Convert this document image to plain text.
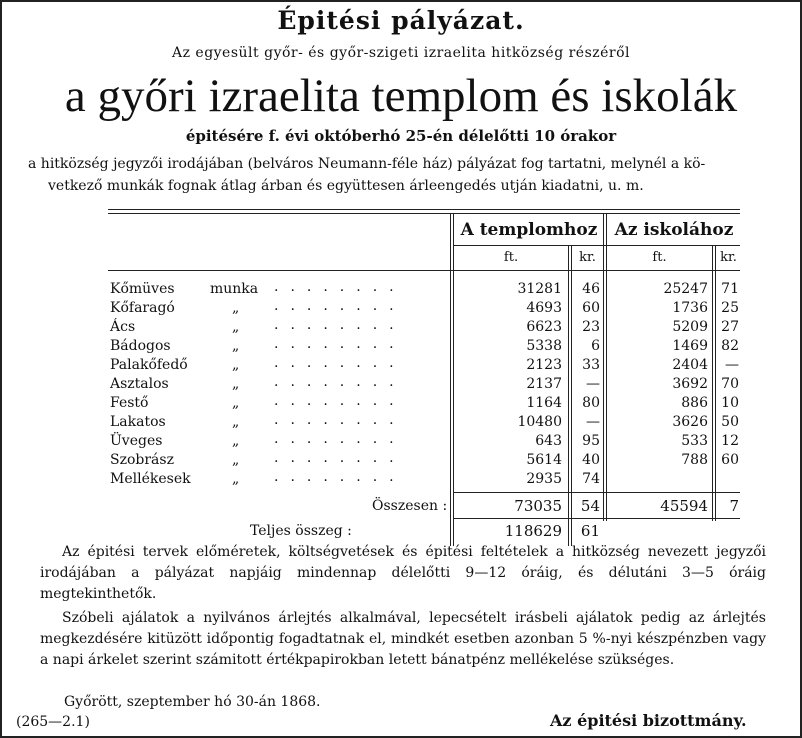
Épitési pályázat.
Az egyesült győr- és győr-szigeti izraelita hitközség részéről
a győri izraelita templom és iskolák
épitésére f. évi októberhó 25-én délelőtti 10 órakor

a hitközség jegyzői irodájában (belváros Neumann-féle ház) pályázat fog tartatni, melynél a kö-

vetkező munkák fognak átlag árban és együttesen árleengedés utján kiadatni, u. m.

A templomhoz	Az iskolához
ft.	kr.	ft.	kr.
Kőmüves	munka ........	31281	46	25247 71
Kőfaragó	„ ........	4693	60	1736 25
Ács	„ ........	6623	23	5209 27
Bádogos	„ ........	5338	6	1469 82
Palakőfedő	„ ........	2123	33	2404	—
Asztalos	„ ........	2137	—	3692 70
Festő	„ ........	1164	80	886 10
Lakatos	„ ........	10480	—	3626 50
Üveges	„ ........	643	95	533 12
Szobrász	„ ........	5614	40	788 60
Mellékesek	„ ........	2935	74
Összesen :	73035	54	45594	7
Teljes összeg :	118629	61

Az épitési tervek előméretek, költségvetések és épitési feltételek a hitközség nevezett jegyzői irodájában a pályázat napjáig mindennap délelőtti 9—12 óráig, és délutáni 3—5 óráig megtekinthetők.

Szóbeli ajálatok a nyilvános árlejtés alkalmával, lepecsételt irásbeli ajálatok pedig az árlejtés megkezdésére kitüzött időpontig fogadtatnak el, mindkét esetben azonban 5 %-nyi készpénzben vagy a napi árkelet szerint számitott értékpapirokban letett bánatpénz mellékelése szükséges.

Győrött, szeptember hó 30-án 1868.
(265—2.1)	Az épitési bizottmány.
